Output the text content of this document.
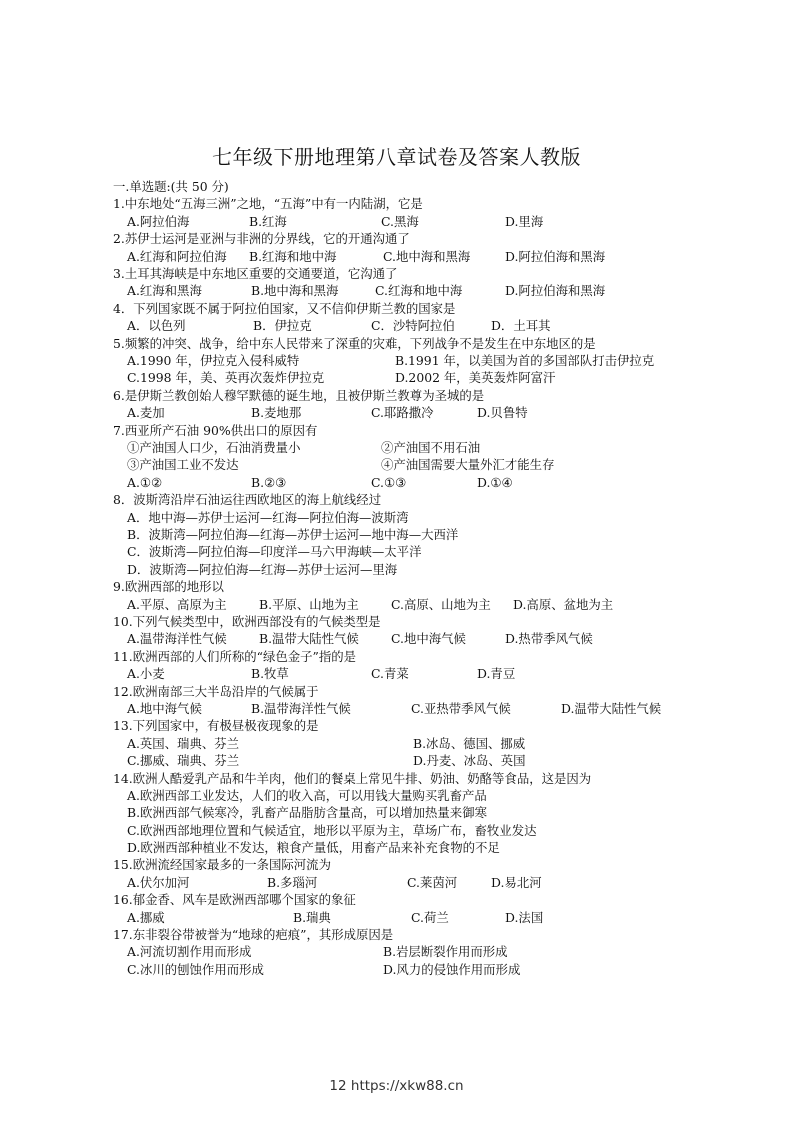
七年级下册地理第八章试卷及答案人教版
一.单选题:(共 50 分)
1.中东地处“五海三洲”之地，“五海”中有一内陆湖，它是
A.阿拉伯海	B.红海	C.黑海	D.里海
2.苏伊士运河是亚洲与非洲的分界线，它的开通沟通了
A.红海和阿拉伯海 B.红海和地中海	C.地中海和黑海	D.阿拉伯海和黑海
3.土耳其海峡是中东地区重要的交通要道，它沟通了
A.红海和黑海	B.地中海和黑海	C.红海和地中海	D.阿拉伯海和黑海
4．下列国家既不属于阿拉伯国家，又不信仰伊斯兰教的国家是
A．以色列	B．伊拉克	C．沙特阿拉伯	D．土耳其
5.频繁的冲突、战争，给中东人民带来了深重的灾难，下列战争不是发生在中东地区的是
A.1990 年，伊拉克入侵科威特	B.1991 年，以美国为首的多国部队打击伊拉克
C.1998 年，美、英再次轰炸伊拉克	D.2002 年，美英轰炸阿富汗
6.是伊斯兰教创始人穆罕默德的诞生地，且被伊斯兰教尊为圣城的是
A.麦加	B.麦地那	C.耶路撒冷	D.贝鲁特
7.西亚所产石油 90%供出口的原因有
①产油国人口少，石油消费量小	②产油国不用石油
③产油国工业不发达	④产油国需要大量外汇才能生存
A.①②	B.②③	C.①③	D.①④
8．波斯湾沿岸石油运往西欧地区的海上航线经过
A．地中海—苏伊士运河—红海—阿拉伯海—波斯湾
B．波斯湾—阿拉伯海—红海—苏伊士运河—地中海—大西洋
C．波斯湾—阿拉伯海—印度洋—马六甲海峡—太平洋
D．波斯湾—阿拉伯海—红海—苏伊士运河—里海
9.欧洲西部的地形以
A.平原、高原为主	B.平原、山地为主	C.高原、山地为主 D.高原、盆地为主
10.下列气候类型中，欧洲西部没有的气候类型是
A.温带海洋性气候	B.温带大陆性气候	C.地中海气候	D.热带季风气候
11.欧洲西部的人们所称的“绿色金子”指的是
A.小麦	B.牧草	C.青菜	D.青豆
12.欧洲南部三大半岛沿岸的气候属于
A.地中海气候	B.温带海洋性气候	C.亚热带季风气候	D.温带大陆性气候
13.下列国家中，有极昼极夜现象的是
A.英国、瑞典、芬兰	B.冰岛、德国、挪威
C.挪威、瑞典、芬兰	D.丹麦、冰岛、英国
14.欧洲人酷爱乳产品和牛羊肉，他们的餐桌上常见牛排、奶油、奶酪等食品，这是因为
A.欧洲西部工业发达，人们的收入高，可以用钱大量购买乳畜产品
B.欧洲西部气候寒冷，乳畜产品脂肪含量高，可以增加热量来御寒
C.欧洲西部地理位置和气候适宜，地形以平原为主，草场广布，畜牧业发达
D.欧洲西部种植业不发达，粮食产量低，用畜产品来补充食物的不足
15.欧洲流经国家最多的一条国际河流为
A.伏尔加河	B.多瑙河	C.莱茵河	D.易北河
16.郁金香、风车是欧洲西部哪个国家的象征
A.挪威	B.瑞典	C.荷兰	D.法国
17.东非裂谷带被誉为“地球的疤痕”，其形成原因是
A.河流切割作用而形成	B.岩层断裂作用而形成
C.冰川的刨蚀作用而形成	D.风力的侵蚀作用而形成
12 https://xkw88.cn
